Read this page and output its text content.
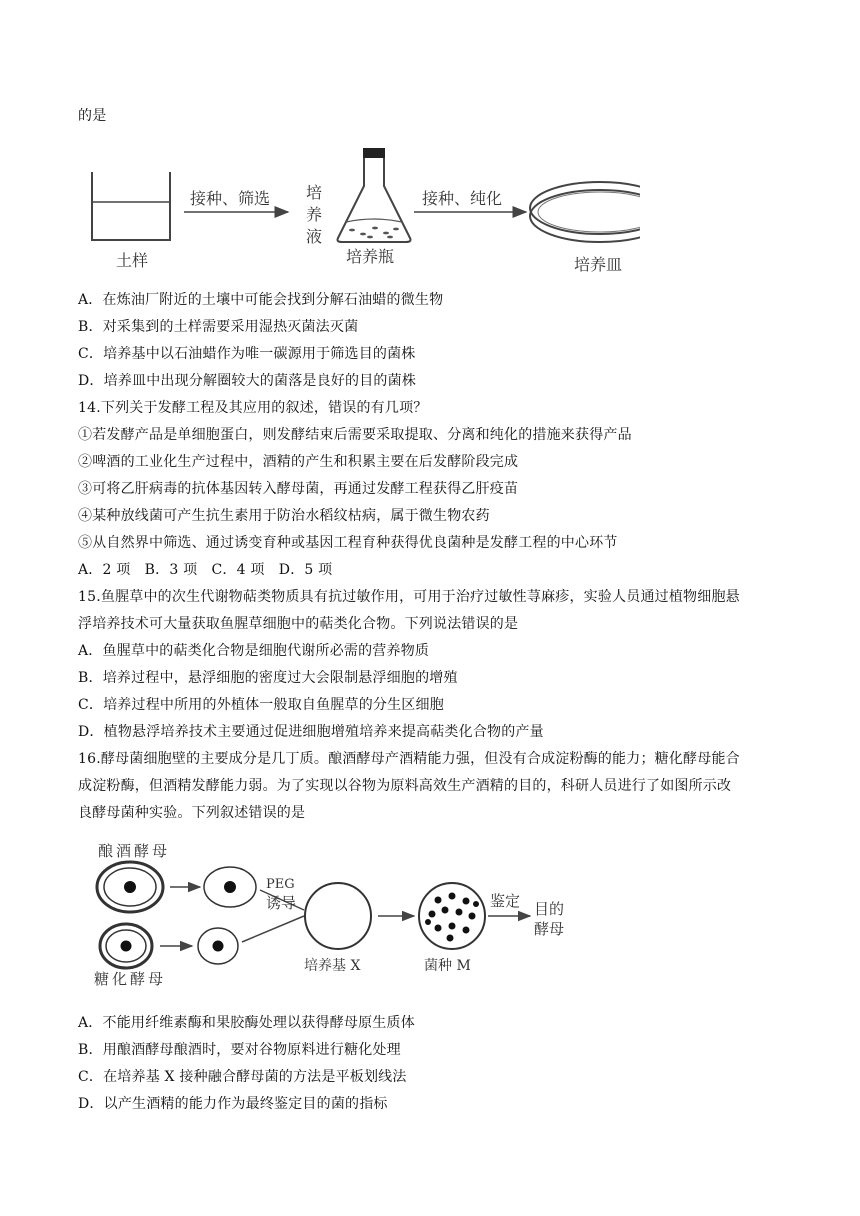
的是
土样
接种、筛选 培
养
液
培养瓶
接种、纯化
培养皿
A．在炼油厂附近的土壤中可能会找到分解石油蜡的微生物
B．对采集到的土样需要采用湿热灭菌法灭菌
C．培养基中以石油蜡作为唯一碳源用于筛选目的菌株
D．培养皿中出现分解圈较大的菌落是良好的目的菌株
14.下列关于发酵工程及其应用的叙述，错误的有几项？
①若发酵产品是单细胞蛋白，则发酵结束后需要采取提取、分离和纯化的措施来获得产品
②啤酒的工业化生产过程中，酒精的产生和积累主要在后发酵阶段完成
③可将乙肝病毒的抗体基因转入酵母菌，再通过发酵工程获得乙肝疫苗
④某种放线菌可产生抗生素用于防治水稻纹枯病，属于微生物农药
⑤从自然界中筛选、通过诱变育种或基因工程育种获得优良菌种是发酵工程的中心环节
A．2 项　B．3 项　C．4 项　D．5 项
15.鱼腥草中的次生代谢物萜类物质具有抗过敏作用，可用于治疗过敏性荨麻疹，实验人员通过植物细胞悬
浮培养技术可大量获取鱼腥草细胞中的萜类化合物。下列说法错误的是
A．鱼腥草中的萜类化合物是细胞代谢所必需的营养物质
B．培养过程中，悬浮细胞的密度过大会限制悬浮细胞的增殖
C．培养过程中所用的外植体一般取自鱼腥草的分生区细胞
D．植物悬浮培养技术主要通过促进细胞增殖培养来提高萜类化合物的产量
16.酵母菌细胞壁的主要成分是几丁质。酿酒酵母产酒精能力强，但没有合成淀粉酶的能力；糖化酵母能合
成淀粉酶，但酒精发酵能力弱。为了实现以谷物为原料高效生产酒精的目的，科研人员进行了如图所示改
良酵母菌种实验。下列叙述错误的是
酿酒酵母
糖化酵母
PEG
诱导
培养基 X	菌种 M
鉴定 目的
酵母
A．不能用纤维素酶和果胶酶处理以获得酵母原生质体
B．用酿酒酵母酿酒时，要对谷物原料进行糖化处理
C．在培养基 X 接种融合酵母菌的方法是平板划线法
D．以产生酒精的能力作为最终鉴定目的菌的指标
